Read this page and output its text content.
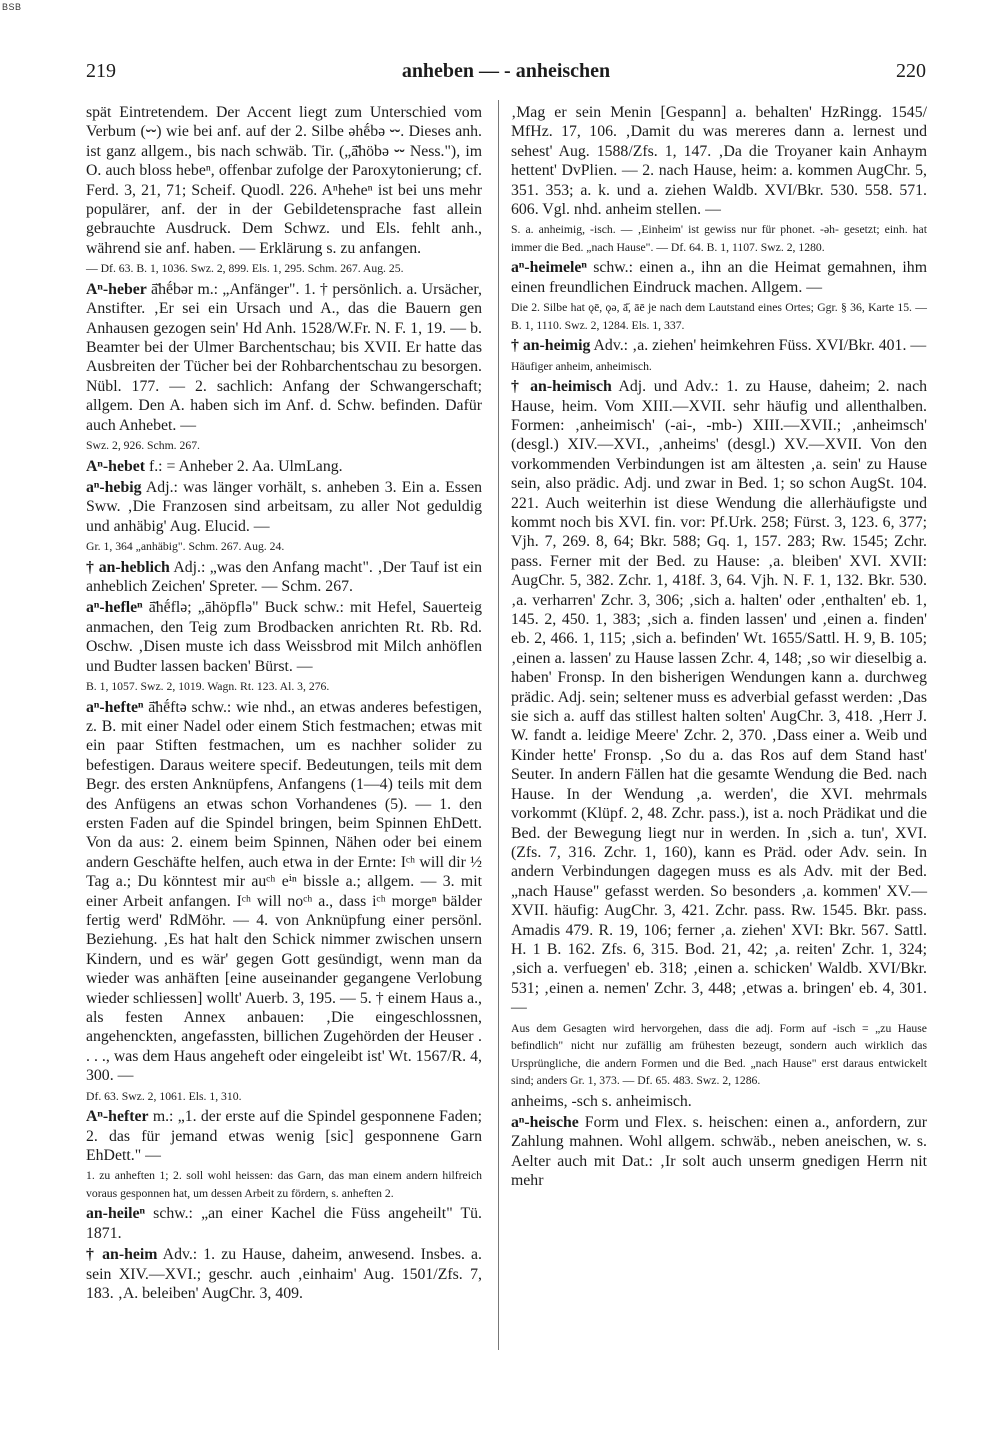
BSB
219	anheben — - anheischen	220
spät Eintretendem. Der Accent liegt zum Unterschied vom Verbum (⏑⏑) wie bei anf. auf der 2. Silbe əhḗbə ⏑⏑. Dieses anh. ist ganz allgem., bis nach schwäb. Tir. („ā̆höbə ⏑⏑ Ness."), im O. auch bloss hebeⁿ, offenbar zufolge der Paroxytonierung; cf. Ferd. 3, 21, 71; Scheif. Quodl. 226. Aⁿheheⁿ ist bei uns mehr populärer, anf. der in der Gebildetensprache fast allein gebrauchte Ausdruck. Dem Schwz. und Els. fehlt anh., während sie anf. haben. — Erklärung s. zu anfangen.
— Df. 63. B. 1, 1036. Swz. 2, 899. Els. 1, 295. Schm. 267. Aug. 25.
Aⁿ-heber ā̆hḗbər m.: „Anfänger". 1. † persönlich. a. Ursächer, Anstifter. ‚Er sei ein Ursach und A., das die Bauern gen Anhausen gezogen sein' Hd Anh. 1528/W.Fr. N. F. 1, 19. — b. Beamter bei der Ulmer Barchentschau; bis XVII. Er hatte das Ausbreiten der Tücher bei der Rohbarchentschau zu besorgen. Nübl. 177. — 2. sachlich: Anfang der Schwangerschaft; allgem. Den A. haben sich im Anf. d. Schw. befinden. Dafür auch Anhebet. —
Swz. 2, 926. Schm. 267.
Aⁿ-hebet f.: = Anheber 2. Aa. UlmLang.
aⁿ-hebig Adj.: was länger vorhält, s. anheben 3. Ein a. Essen Sww. ‚Die Franzosen sind arbeitsam, zu aller Not geduldig und anhäbig' Aug. Elucid. —
Gr. 1, 364 „anhäbig". Schm. 267. Aug. 24.
† an-heblich Adj.: „was den Anfang macht". ‚Der Tauf ist ein anheblich Zeichen' Spreter. — Schm. 267.
aⁿ-hefleⁿ ā̆hḗflə; „āhöpflə" Buck schw.: mit Hefel, Sauerteig anmachen, den Teig zum Brodbacken anrichten Rt. Rb. Rd. Oschw. ‚Disen muste ich dass Weissbrod mit Milch anhöflen und Budter lassen backen' Bürst. —
B. 1, 1057. Swz. 2, 1019. Wagn. Rt. 123. Al. 3, 276.
aⁿ-hefteⁿ ā̆hḗftə schw.: wie nhd., an etwas anderes befestigen, z. B. mit einer Nadel oder einem Stich festmachen; etwas mit ein paar Stiften festmachen, um es nachher solider zu befestigen. Daraus weitere specif. Bedeutungen, teils mit dem Begr. des ersten Anknüpfens, Anfangens (1—4) teils mit dem des Anfügens an etwas schon Vorhandenes (5). — 1. den ersten Faden auf die Spindel bringen, beim Spinnen EhDett. Von da aus: 2. einem beim Spinnen, Nähen oder bei einem andern Geschäfte helfen, auch etwa in der Ernte: Iᶜʰ will dir ½ Tag a.; Du könntest mir auᶜʰ eⁱⁿ bissle a.; allgem. — 3. mit einer Arbeit anfangen. Iᶜʰ will noᶜʰ a., dass iᶜʰ morgeⁿ bälder fertig werd' RdMöhr. — 4. von Anknüpfung einer persönl. Beziehung. ‚Es hat halt den Schick nimmer zwischen unsern Kindern, und es wär' gegen Gott gesündigt, wenn man da wieder was anhäften [eine auseinander gegangene Verlobung wieder schliessen] wollt' Auerb. 3, 195. — 5. † einem Haus a., als festen Annex anbauen: ‚Die eingeschlossnen, angehenckten, angefassten, billichen Zugehörden der Heuser . . . ., was dem Haus angeheft oder eingeleibt ist' Wt. 1567/R. 4, 300. —
Df. 63. Swz. 2, 1061. Els. 1, 310.
Aⁿ-hefter m.: „1. der erste auf die Spindel gesponnene Faden; 2. das für jemand etwas wenig [sic] gesponnene Garn EhDett." —
1. zu anheften 1; 2. soll wohl heissen: das Garn, das man einem andern hilfreich voraus gesponnen hat, um dessen Arbeit zu fördern, s. anheften 2.
an-heileⁿ schw.: „an einer Kachel die Füss angeheilt" Tü. 1871.
† an-heim Adv.: 1. zu Hause, daheim, anwesend. Insbes. a. sein XIV.—XVI.; geschr. auch ‚einhaim' Aug. 1501/Zfs. 7, 183. ‚A. beleiben' AugChr. 3, 409.
‚Mag er sein Menin [Gespann] a. behalten' HzRingg. 1545/ MfHz. 17, 106. ‚Damit du was mereres dann a. lernest und sehest' Aug. 1588/Zfs. 1, 147. ‚Da die Troyaner kain Anhaym hettent' DvPlien. — 2. nach Hause, heim: a. kommen AugChr. 5, 351. 353; a. k. und a. ziehen Waldb. XVI/Bkr. 530. 558. 571. 606. Vgl. nhd. anheim stellen. —
S. a. anheimig, -isch. — ‚Einheim' ist gewiss nur für phonet. -əh- gesetzt; einh. hat immer die Bed. „nach Hause". — Df. 64. B. 1, 1107. Swz. 2, 1280.
aⁿ-heimeleⁿ schw.: einen a., ihn an die Heimat gemahnen, ihm einen freundlichen Eindruck machen. Allgem. —
Die 2. Silbe hat ǫē, ǫə, ā̆, āē je nach dem Lautstand eines Ortes; Ggr. § 36, Karte 15. — B. 1, 1110. Swz. 2, 1284. Els. 1, 337.
† an-heimig Adv.: ‚a. ziehen' heimkehren Füss. XVI/Bkr. 401. —
Häufiger anheim, anheimisch.
† an-heimisch Adj. und Adv.: 1. zu Hause, daheim; 2. nach Hause, heim. Vom XIII.—XVII. sehr häufig und allenthalben. Formen: ‚anheimisch' (-ai-, -mb-) XIII.—XVII.; ‚anheimsch' (desgl.) XIV.—XVI., ‚anheims' (desgl.) XV.—XVII. Von den vorkommenden Verbindungen ist am ältesten ‚a. sein' zu Hause sein, also prädic. Adj. und zwar in Bed. 1; so schon AugSt. 104. 221. Auch weiterhin ist diese Wendung die allerhäufigste und kommt noch bis XVI. fin. vor: Pf.Urk. 258; Fürst. 3, 123. 6, 377; Vjh. 7, 269. 8, 64; Bkr. 588; Gq. 1, 157. 283; Rw. 1545; Zchr. pass. Ferner mit der Bed. zu Hause: ‚a. bleiben' XVI. XVII: AugChr. 5, 382. Zchr. 1, 418f. 3, 64. Vjh. N. F. 1, 132. Bkr. 530. ‚a. verharren' Zchr. 3, 306; ‚sich a. halten' oder ‚enthalten' eb. 1, 145. 2, 450. 1, 383; ‚sich a. finden lassen' und ‚einen a. finden' eb. 2, 466. 1, 115; ‚sich a. befinden' Wt. 1655/Sattl. H. 9, B. 105; ‚einen a. lassen' zu Hause lassen Zchr. 4, 148; ‚so wir dieselbig a. haben' Fronsp. In den bisherigen Wendungen kann a. durchweg prädic. Adj. sein; seltener muss es adverbial gefasst werden: ‚Das sie sich a. auff das stillest halten solten' AugChr. 3, 418. ‚Herr J. W. fandt a. leidige Meere' Zchr. 2, 370. ‚Dass einer a. Weib und Kinder hette' Fronsp. ‚So du a. das Ros auf dem Stand hast' Seuter. In andern Fällen hat die gesamte Wendung die Bed. nach Hause. In der Wendung ‚a. werden', die XVI. mehrmals vorkommt (Klüpf. 2, 48. Zchr. pass.), ist a. noch Prädikat und die Bed. der Bewegung liegt nur in werden. In ‚sich a. tun', XVI. (Zfs. 7, 316. Zchr. 1, 160), kann es Präd. oder Adv. sein. In andern Verbindungen dagegen muss es als Adv. mit der Bed. „nach Hause" gefasst werden. So besonders ‚a. kommen' XV.—XVII. häufig: AugChr. 3, 421. Zchr. pass. Rw. 1545. Bkr. pass. Amadis 479. R. 19, 106; ferner ‚a. ziehen' XVI: Bkr. 567. Sattl. H. 1 B. 162. Zfs. 6, 315. Bod. 21, 42; ‚a. reiten' Zchr. 1, 324; ‚sich a. verfuegen' eb. 318; ‚einen a. schicken' Waldb. XVI/Bkr. 531; ‚einen a. nemen' Zchr. 3, 448; ‚etwas a. bringen' eb. 4, 301. —
Aus dem Gesagten wird hervorgehen, dass die adj. Form auf -isch = „zu Hause befindlich" nicht nur zufällig am frühesten bezeugt, sondern auch wirklich das Ursprüngliche, die andern Formen und die Bed. „nach Hause" erst daraus entwickelt sind; anders Gr. 1, 373. — Df. 65. 483. Swz. 2, 1286.
anheims, -sch s. anheimisch.
aⁿ-heische Form und Flex. s. heischen: einen a., anfordern, zur Zahlung mahnen. Wohl allgem. schwäb., neben aneischen, w. s. Aelter auch mit Dat.: ‚Ir solt auch unserm gnedigen Herrn nit mehr
